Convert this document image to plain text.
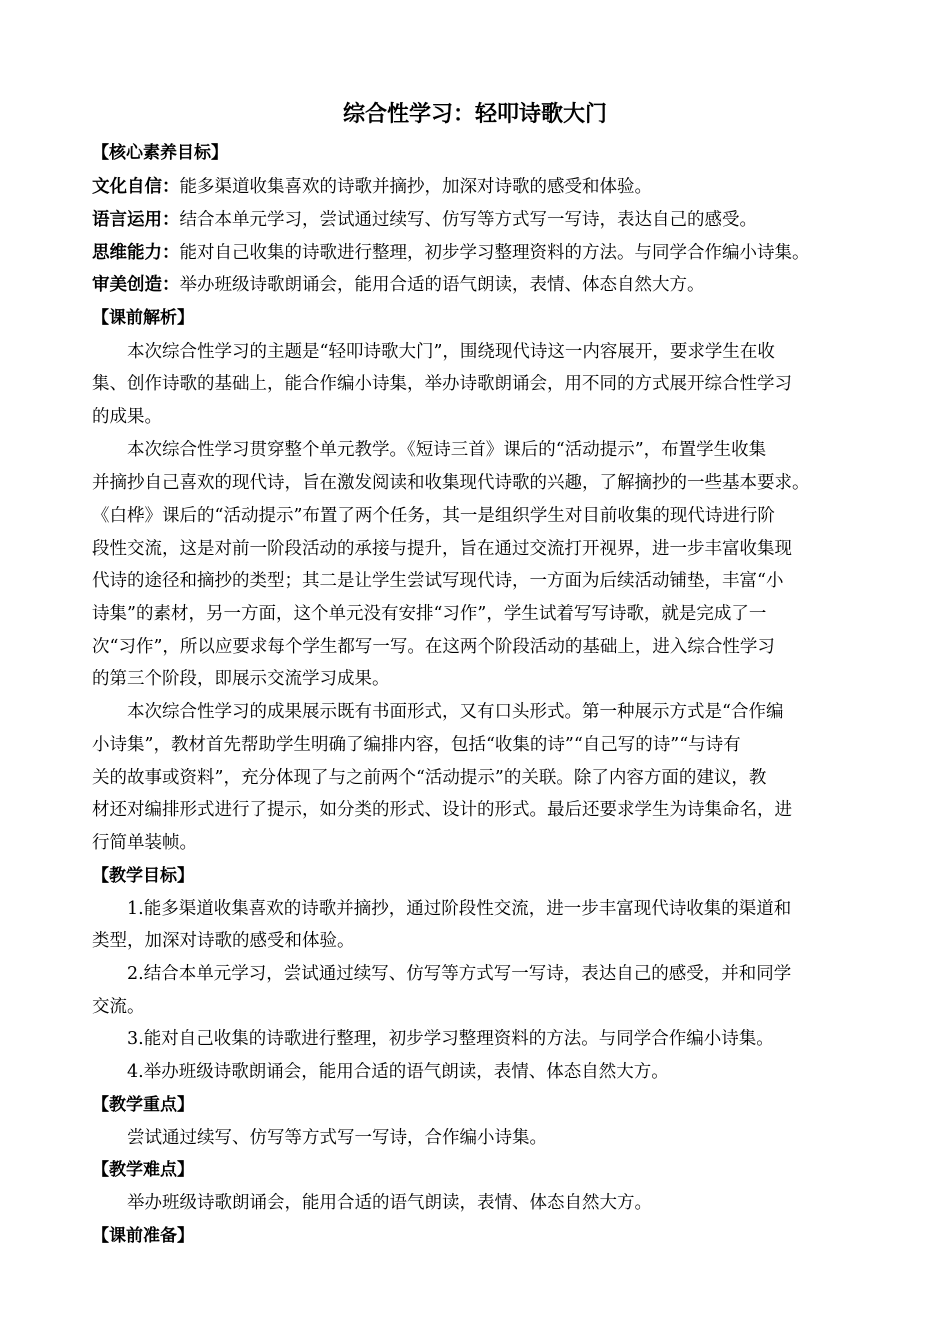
综合性学习：轻叩诗歌大门
【核心素养目标】
文化自信：能多渠道收集喜欢的诗歌并摘抄，加深对诗歌的感受和体验。
语言运用：结合本单元学习，尝试通过续写、仿写等方式写一写诗，表达自己的感受。
思维能力：能对自己收集的诗歌进行整理，初步学习整理资料的方法。与同学合作编小诗集。
审美创造：举办班级诗歌朗诵会，能用合适的语气朗读，表情、体态自然大方。
【课前解析】
本次综合性学习的主题是“轻叩诗歌大门”，围绕现代诗这一内容展开，要求学生在收
集、创作诗歌的基础上，能合作编小诗集，举办诗歌朗诵会，用不同的方式展开综合性学习
的成果。
本次综合性学习贯穿整个单元教学。《短诗三首》课后的“活动提示”，布置学生收集
并摘抄自己喜欢的现代诗，旨在激发阅读和收集现代诗歌的兴趣，了解摘抄的一些基本要求。
《白桦》课后的“活动提示”布置了两个任务，其一是组织学生对目前收集的现代诗进行阶
段性交流，这是对前一阶段活动的承接与提升，旨在通过交流打开视界，进一步丰富收集现
代诗的途径和摘抄的类型；其二是让学生尝试写现代诗，一方面为后续活动铺垫，丰富“小
诗集”的素材，另一方面，这个单元没有安排“习作”，学生试着写写诗歌，就是完成了一
次“习作”，所以应要求每个学生都写一写。在这两个阶段活动的基础上，进入综合性学习
的第三个阶段，即展示交流学习成果。
本次综合性学习的成果展示既有书面形式，又有口头形式。第一种展示方式是“合作编
小诗集”，教材首先帮助学生明确了编排内容，包括“收集的诗”“自己写的诗”“与诗有
关的故事或资料”，充分体现了与之前两个“活动提示”的关联。除了内容方面的建议，教
材还对编排形式进行了提示，如分类的形式、设计的形式。最后还要求学生为诗集命名，进
行简单装帧。
【教学目标】
1.能多渠道收集喜欢的诗歌并摘抄，通过阶段性交流，进一步丰富现代诗收集的渠道和
类型，加深对诗歌的感受和体验。
2.结合本单元学习，尝试通过续写、仿写等方式写一写诗，表达自己的感受，并和同学
交流。
3.能对自己收集的诗歌进行整理，初步学习整理资料的方法。与同学合作编小诗集。
4.举办班级诗歌朗诵会，能用合适的语气朗读，表情、体态自然大方。
【教学重点】
尝试通过续写、仿写等方式写一写诗，合作编小诗集。
【教学难点】
举办班级诗歌朗诵会，能用合适的语气朗读，表情、体态自然大方。
【课前准备】
